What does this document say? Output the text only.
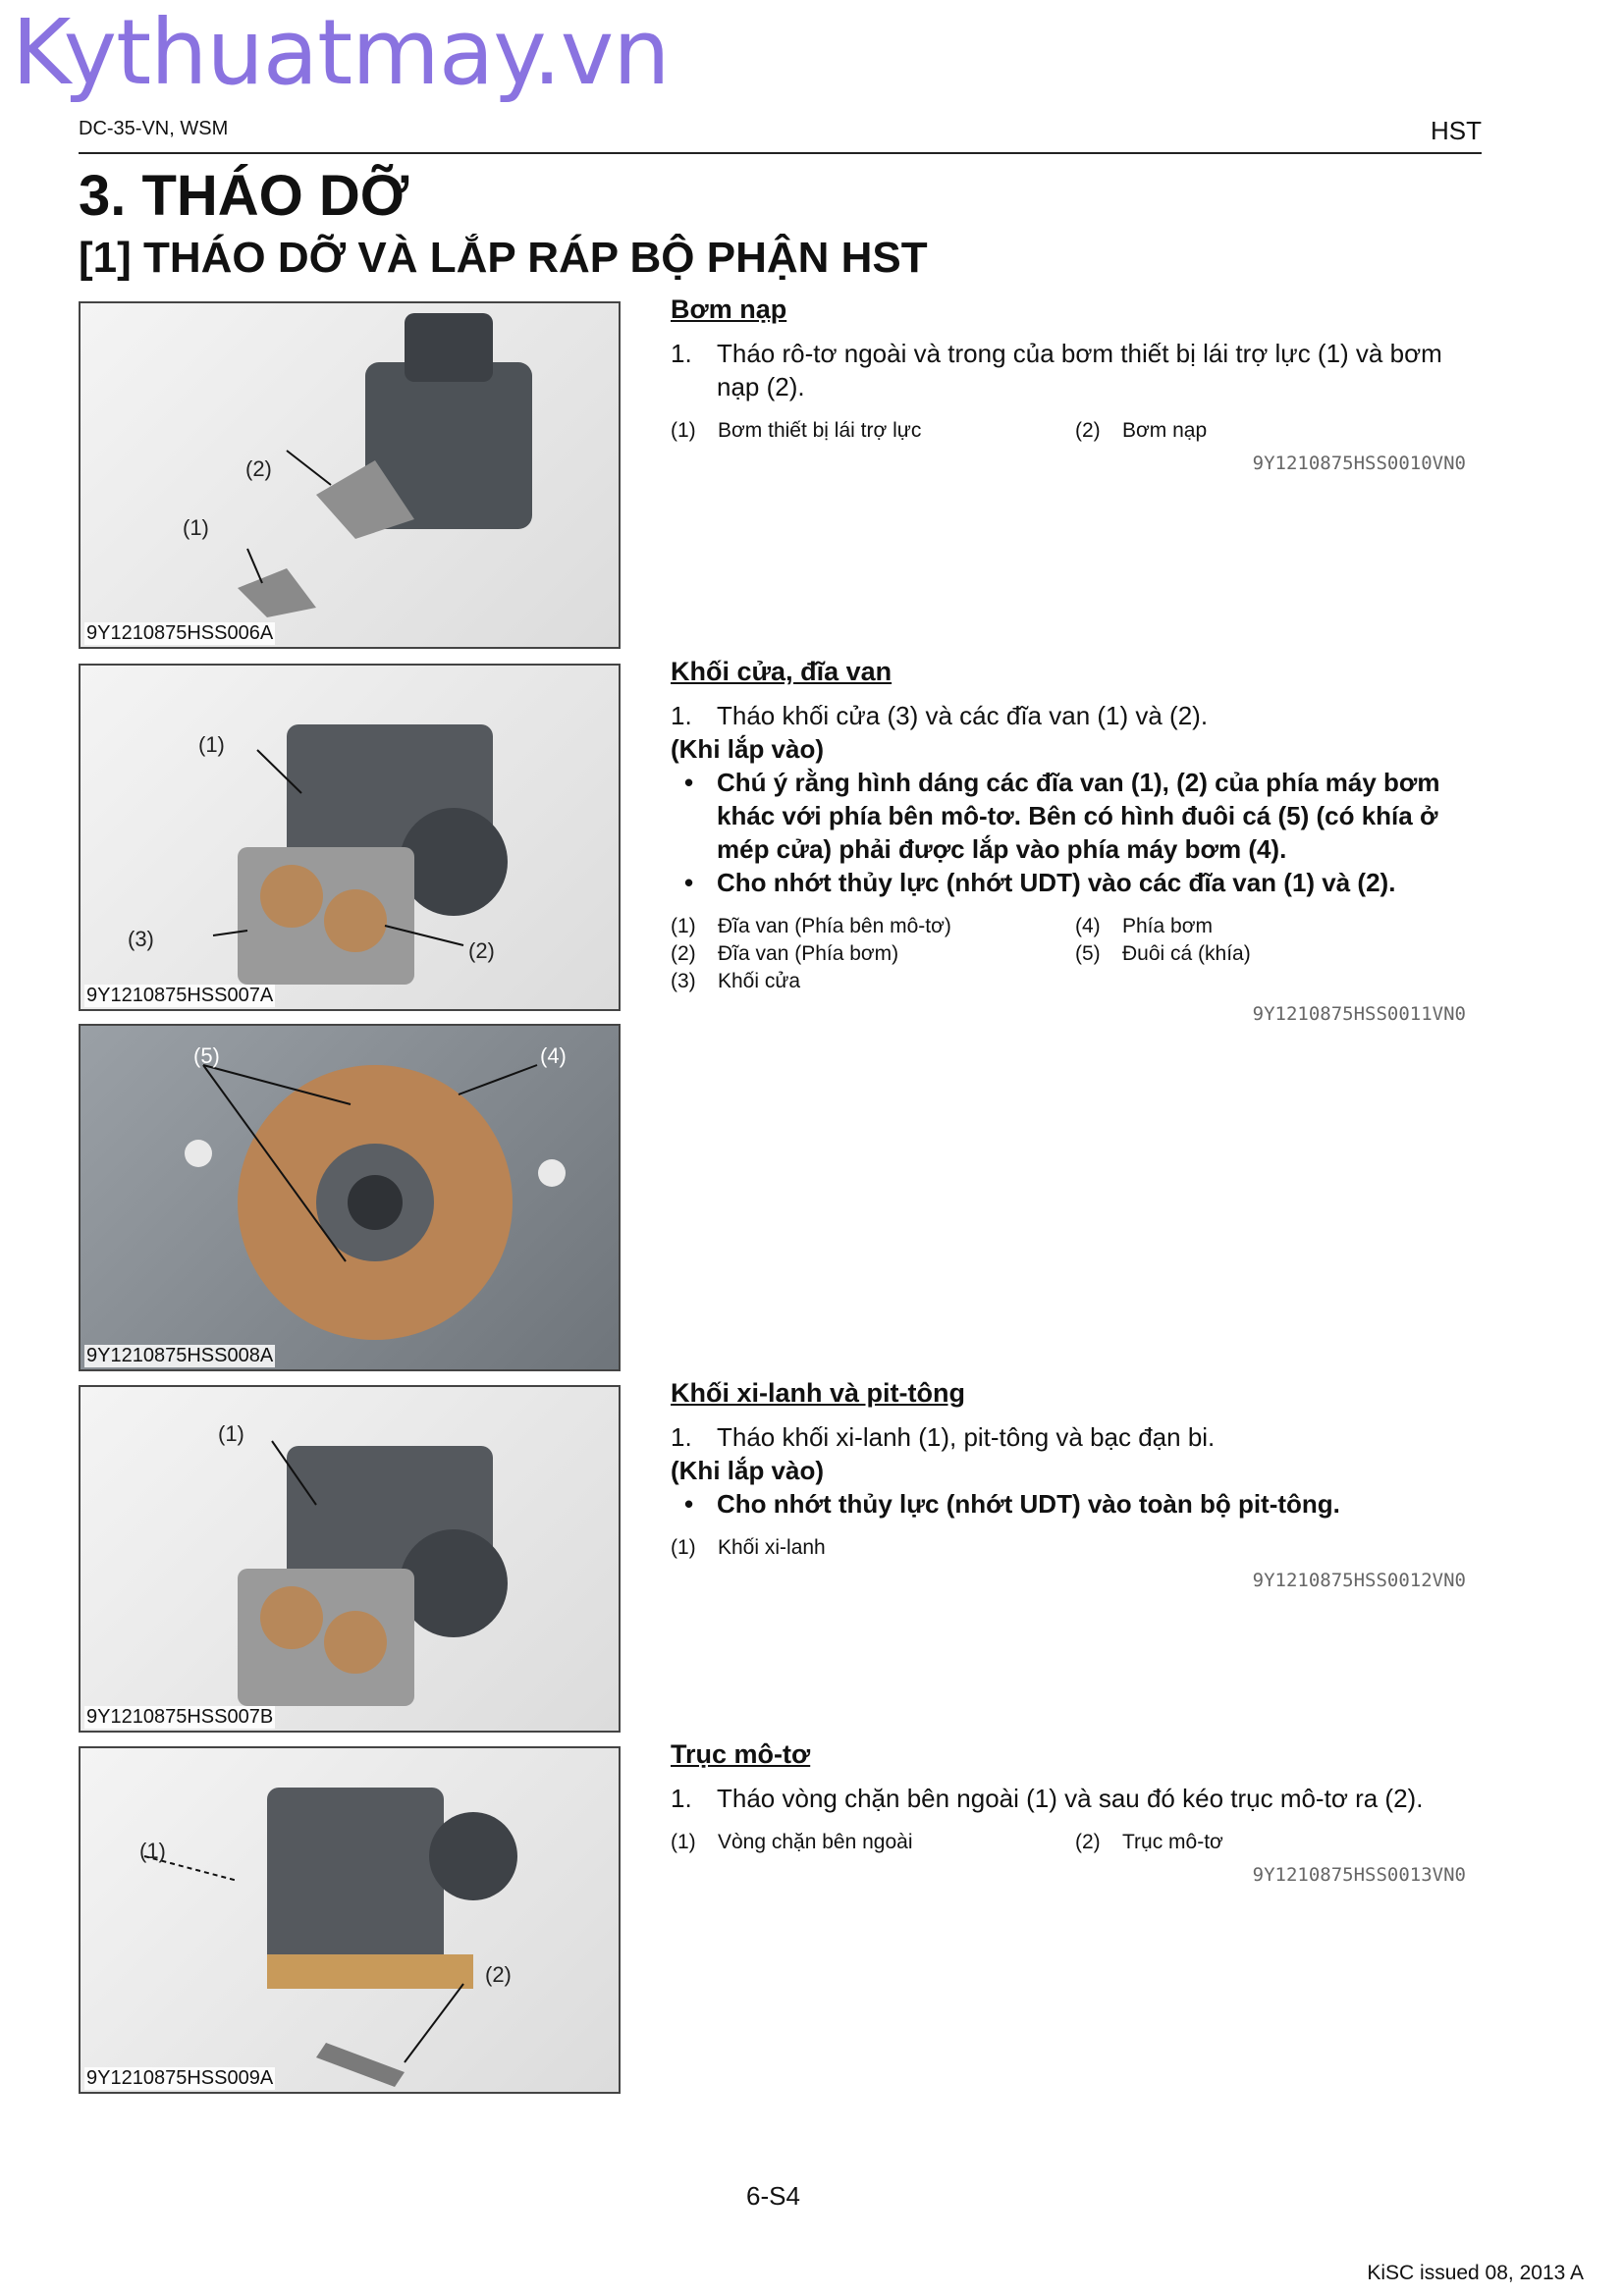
Kythuatmay.vn
DC-35-VN, WSM	HST
3. THÁO DỠ
[1] THÁO DỠ VÀ LẮP RÁP BỘ PHẬN HST
(2)
(1)
9Y1210875HSS006A
(1)
(3)	(2)
9Y1210875HSS007A
(5)	(4)
9Y1210875HSS008A
(1)
9Y1210875HSS007B
(1)
(2)
9Y1210875HSS009A
Bơm nạp
1. Tháo rô-tơ ngoài và trong của bơm thiết bị lái trợ lực (1) và bơm nạp (2).
(1)	Bơm thiết bị lái trợ lực	(2)	Bơm nạp
9Y1210875HSS0010VN0
Khối cửa, đĩa van
1. Tháo khối cửa (3) và các đĩa van (1) và (2).
(Khi lắp vào)
• Chú ý rằng hình dáng các đĩa van (1), (2) của phía máy bơm khác với phía bên mô-tơ. Bên có hình đuôi cá (5) (có khía ở mép cửa) phải được lắp vào phía máy bơm (4).
• Cho nhớt thủy lực (nhớt UDT) vào các đĩa van (1) và (2).
(1)	Đĩa van (Phía bên mô-tơ)	(4)	Phía bơm
(2)	Đĩa van (Phía bơm)	(5)	Đuôi cá (khía)
(3)	Khối cửa
9Y1210875HSS0011VN0
Khối xi-lanh và pit-tông
1. Tháo khối xi-lanh (1), pit-tông và bạc đạn bi.
(Khi lắp vào)
• Cho nhớt thủy lực (nhớt UDT) vào toàn bộ pit-tông.
(1)	Khối xi-lanh
9Y1210875HSS0012VN0
Trục mô-tơ
1. Tháo vòng chặn bên ngoài (1) và sau đó kéo trục mô-tơ ra (2).
(1)	Vòng chặn bên ngoài	(2)	Trục mô-tơ
9Y1210875HSS0013VN0
6-S4
KiSC issued 08, 2013 A
